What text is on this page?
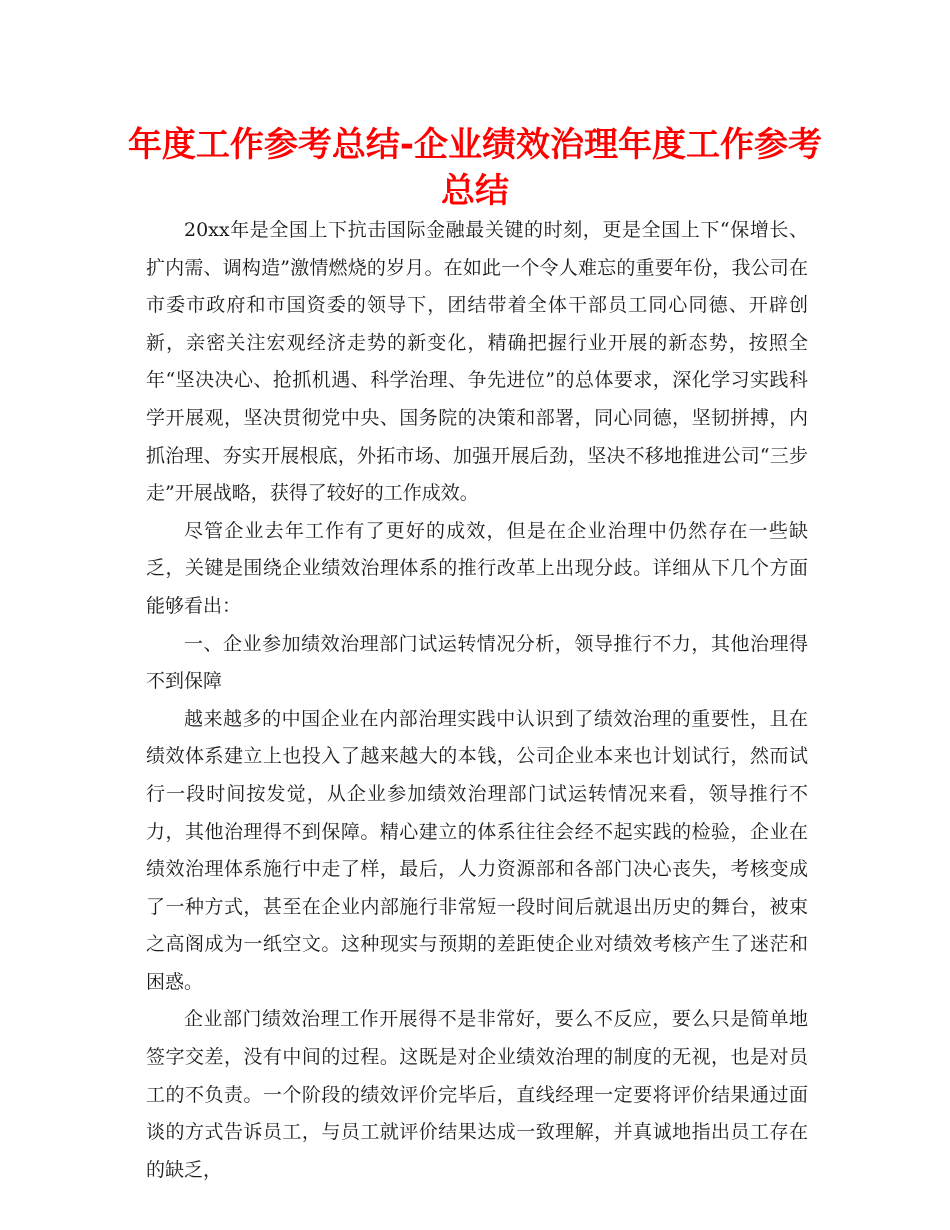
年度工作参考总结-企业绩效治理年度工作参考总结

20xx年是全国上下抗击国际金融最关键的时刻，更是全国上下“保增长、扩内需、调构造”激情燃烧的岁月。在如此一个令人难忘的重要年份，我公司在市委市政府和市国资委的领导下，团结带着全体干部员工同心同德、开辟创新，亲密关注宏观经济走势的新变化，精确把握行业开展的新态势，按照全年“坚决决心、抢抓机遇、科学治理、争先进位”的总体要求，深化学习实践科学开展观，坚决贯彻党中央、国务院的决策和部署，同心同德，坚韧拼搏，内抓治理、夯实开展根底，外拓市场、加强开展后劲，坚决不移地推进公司“三步走”开展战略，获得了较好的工作成效。

尽管企业去年工作有了更好的成效，但是在企业治理中仍然存在一些缺乏，关键是围绕企业绩效治理体系的推行改革上出现分歧。详细从下几个方面能够看出：

一、企业参加绩效治理部门试运转情况分析，领导推行不力，其他治理得不到保障

越来越多的中国企业在内部治理实践中认识到了绩效治理的重要性，且在绩效体系建立上也投入了越来越大的本钱，公司企业本来也计划试行，然而试行一段时间按发觉，从企业参加绩效治理部门试运转情况来看，领导推行不力，其他治理得不到保障。精心建立的体系往往会经不起实践的检验，企业在绩效治理体系施行中走了样，最后，人力资源部和各部门决心丧失，考核变成了一种方式，甚至在企业内部施行非常短一段时间后就退出历史的舞台，被束之高阁成为一纸空文。这种现实与预期的差距使企业对绩效考核产生了迷茫和困惑。

企业部门绩效治理工作开展得不是非常好，要么不反应，要么只是简单地签字交差，没有中间的过程。这既是对企业绩效治理的制度的无视，也是对员工的不负责。一个阶段的绩效评价完毕后，直线经理一定要将评价结果通过面谈的方式告诉员工，与员工就评价结果达成一致理解，并真诚地指出员工存在的缺乏，
